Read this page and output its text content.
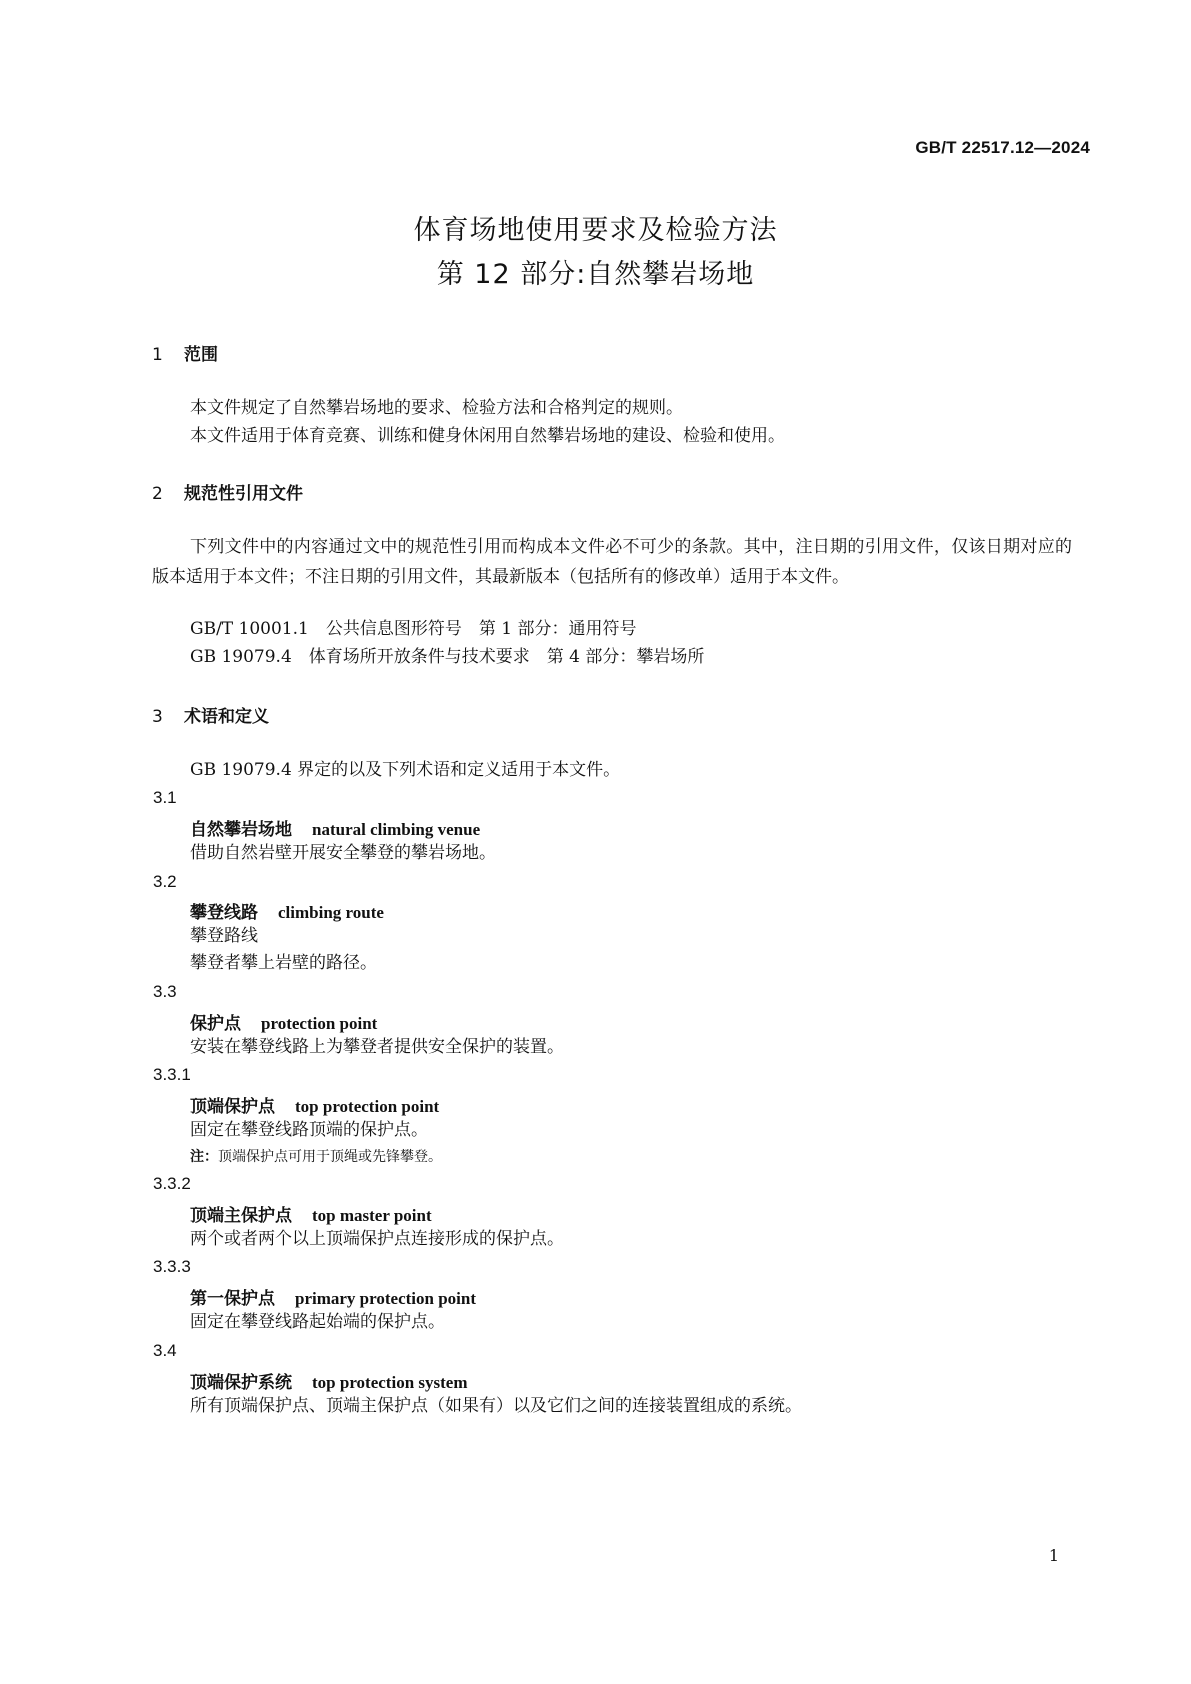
GB/T 22517.12—2024
体育场地使用要求及检验方法
第 12 部分:自然攀岩场地
1 范围
本文件规定了自然攀岩场地的要求、检验方法和合格判定的规则。
本文件适用于体育竞赛、训练和健身休闲用自然攀岩场地的建设、检验和使用。
2 规范性引用文件
下列文件中的内容通过文中的规范性引用而构成本文件必不可少的条款。其中，注日期的引用文件，仅该日期对应的版本适用于本文件；不注日期的引用文件，其最新版本（包括所有的修改单）适用于本文件。
GB/T 10001.1　公共信息图形符号　第 1 部分：通用符号
GB 19079.4　体育场所开放条件与技术要求　第 4 部分：攀岩场所
3 术语和定义
GB 19079.4 界定的以及下列术语和定义适用于本文件。
3.1
自然攀岩场地 natural climbing venue
借助自然岩壁开展安全攀登的攀岩场地。
3.2
攀登线路 climbing route
攀登路线
攀登者攀上岩壁的路径。
3.3
保护点 protection point
安装在攀登线路上为攀登者提供安全保护的装置。
3.3.1
顶端保护点 top protection point
固定在攀登线路顶端的保护点。
注：顶端保护点可用于顶绳或先锋攀登。
3.3.2
顶端主保护点 top master point
两个或者两个以上顶端保护点连接形成的保护点。
3.3.3
第一保护点 primary protection point
固定在攀登线路起始端的保护点。
3.4
顶端保护系统 top protection system
所有顶端保护点、顶端主保护点（如果有）以及它们之间的连接装置组成的系统。
1
